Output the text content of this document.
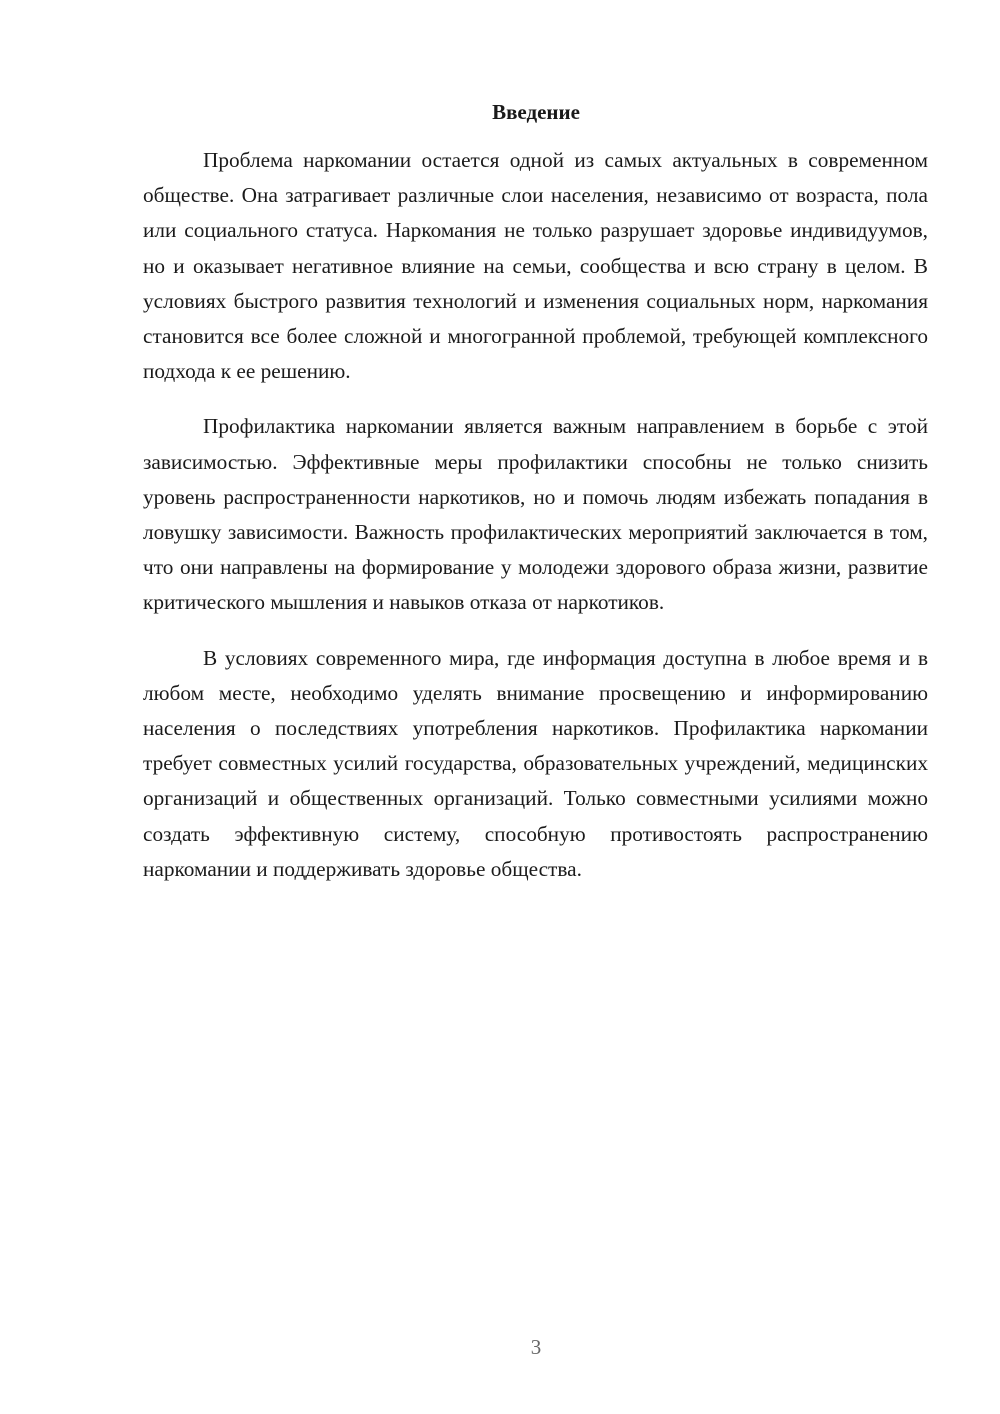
Введение

Проблема наркомании остается одной из самых актуальных в современном обществе. Она затрагивает различные слои населения, независимо от возраста, пола или социального статуса. Наркомания не только разрушает здоровье индивидуумов, но и оказывает негативное влияние на семьи, сообщества и всю страну в целом. В условиях быстрого развития технологий и изменения социальных норм, наркомания становится все более сложной и многогранной проблемой, требующей комплексного подхода к ее решению.

Профилактика наркомании является важным направлением в борьбе с этой зависимостью. Эффективные меры профилактики способны не только снизить уровень распространенности наркотиков, но и помочь людям избежать попадания в ловушку зависимости. Важность профилактических мероприятий заключается в том, что они направлены на формирование у молодежи здорового образа жизни, развитие критического мышления и навыков отказа от наркотиков.

В условиях современного мира, где информация доступна в любое время и в любом месте, необходимо уделять внимание просвещению и информированию населения о последствиях употребления наркотиков. Профилактика наркомании требует совместных усилий государства, образовательных учреждений, медицинских организаций и общественных организаций. Только совместными усилиями можно создать эффективную систему, способную противостоять распространению наркомании и поддерживать здоровье общества.

3
